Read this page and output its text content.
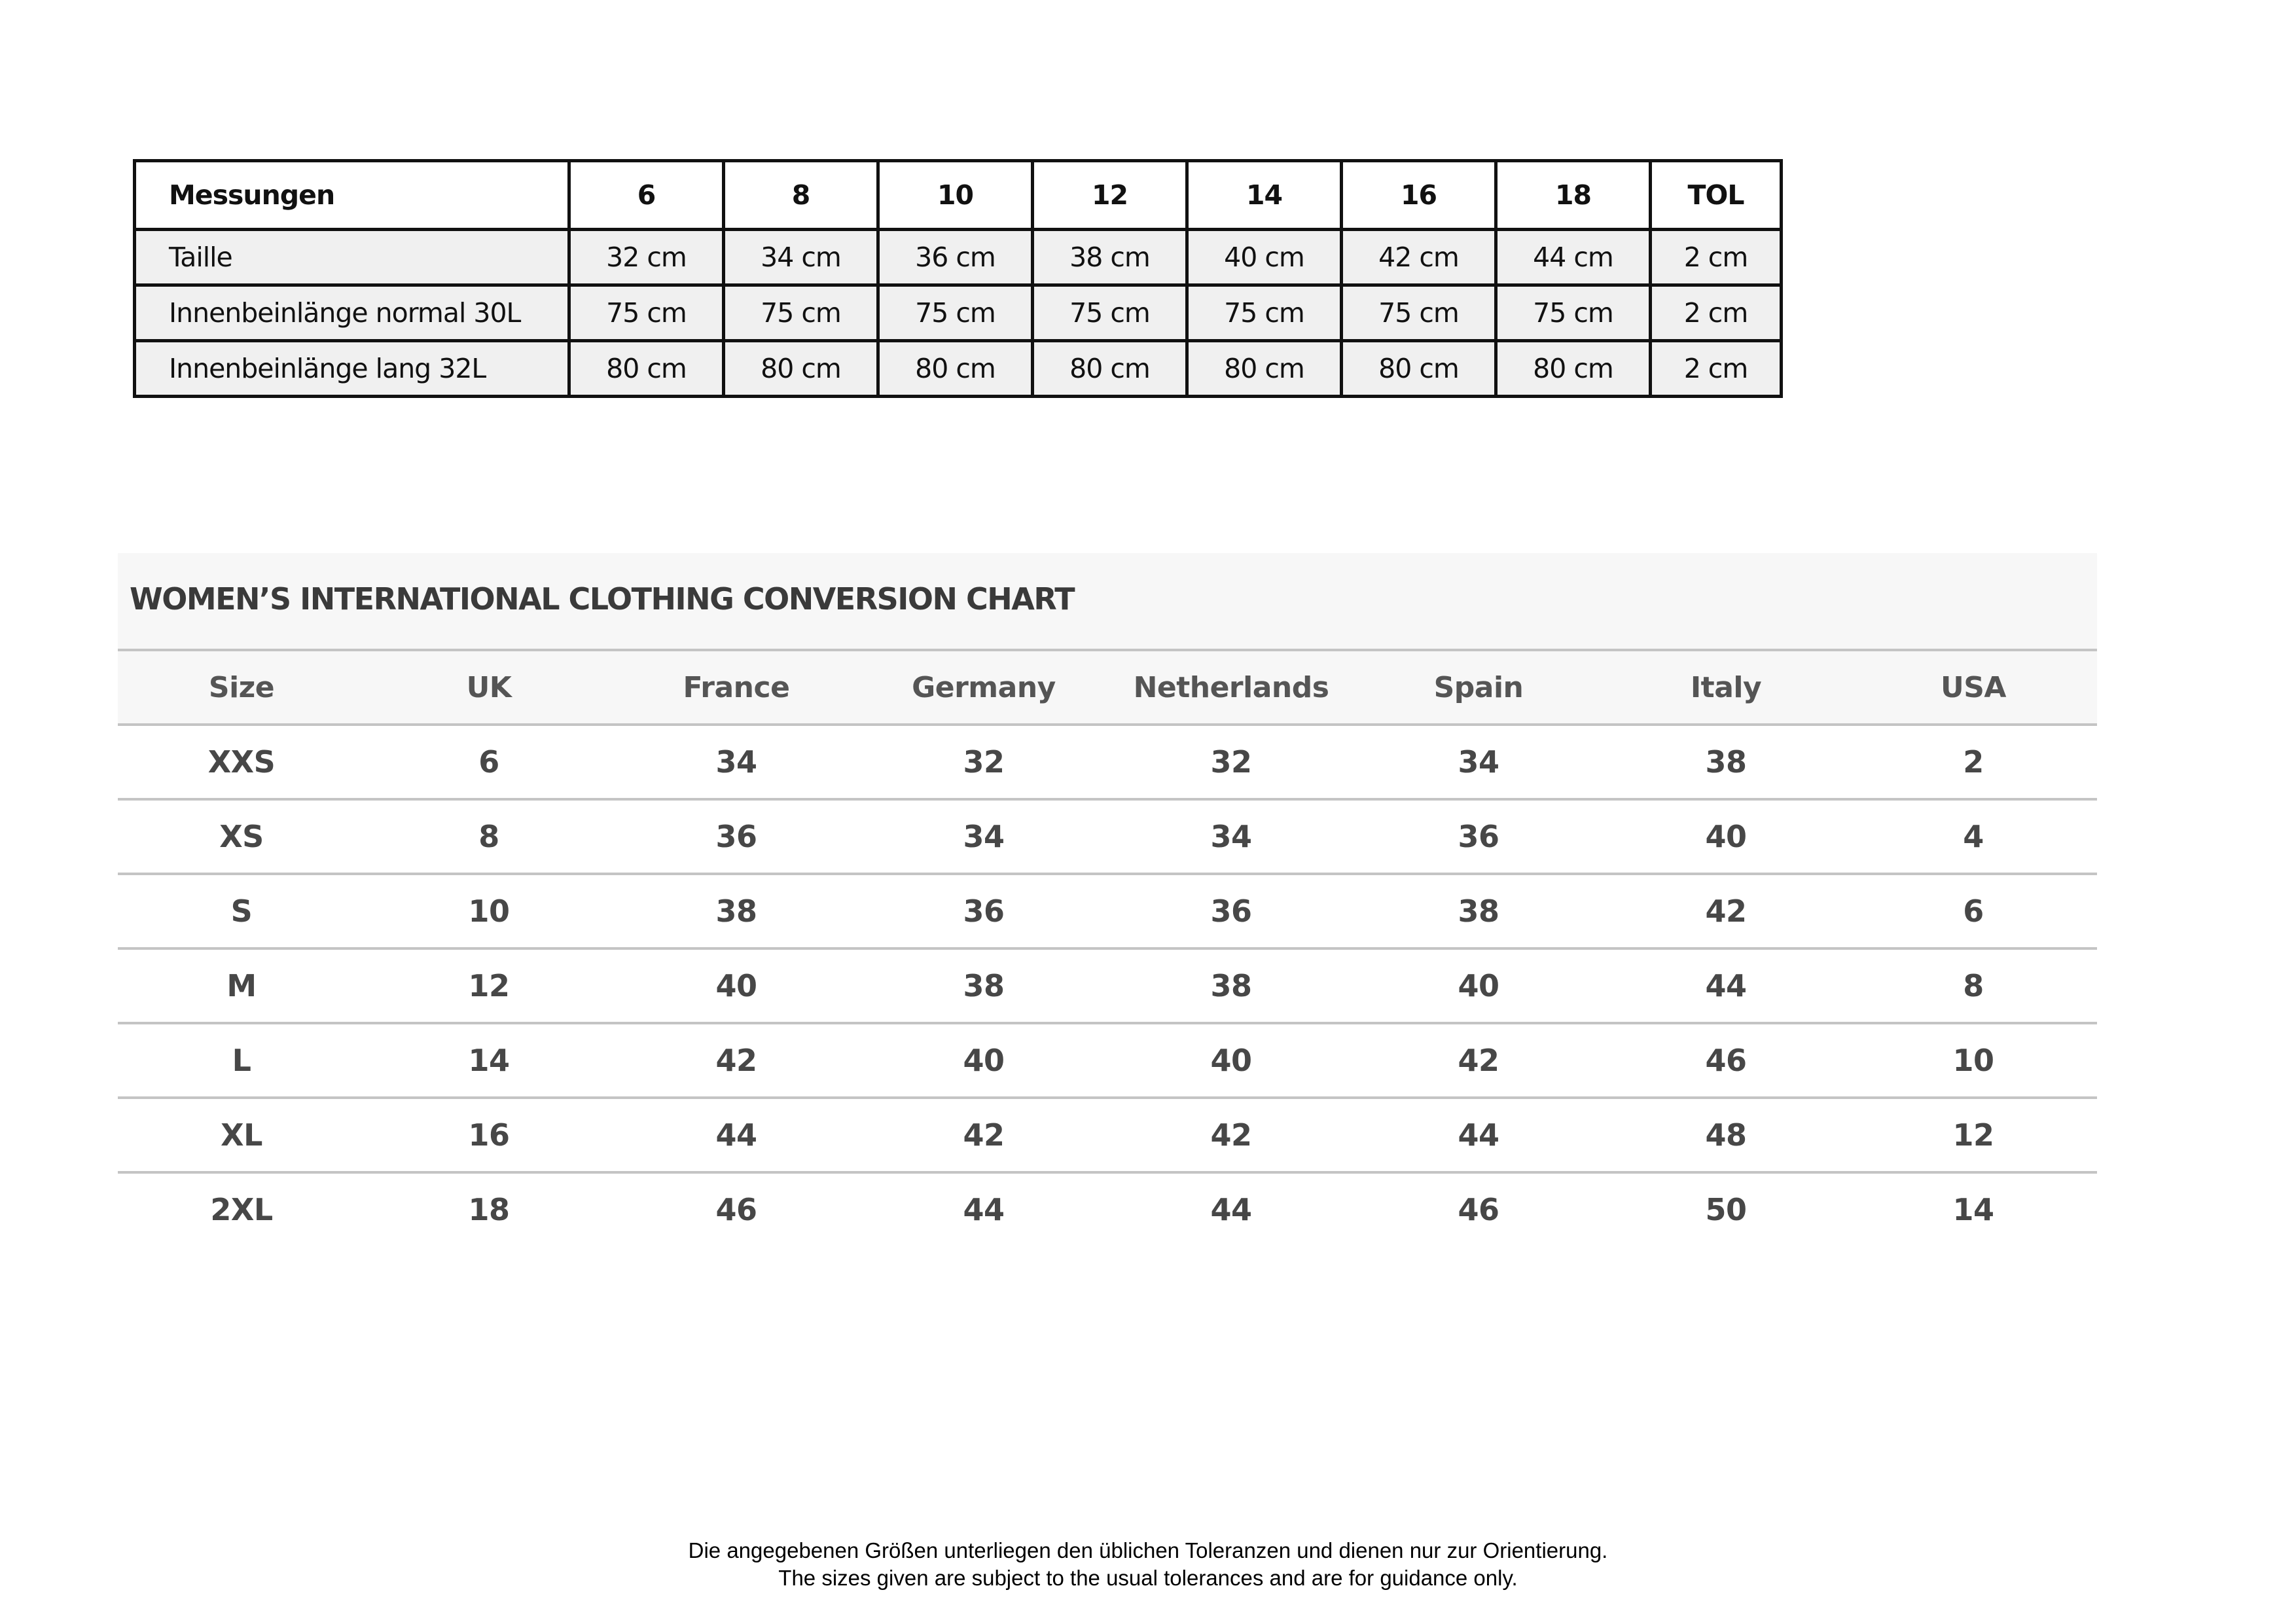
Messungen	6	8	10	12	14	16	18	TOL
Taille	32 cm	34 cm	36 cm	38 cm	40 cm	42 cm	44 cm	2 cm
Innenbeinlänge normal 30L	75 cm	75 cm	75 cm	75 cm	75 cm	75 cm	75 cm	2 cm
Innenbeinlänge lang 32L	80 cm	80 cm	80 cm	80 cm	80 cm	80 cm	80 cm	2 cm
WOMEN’S INTERNATIONAL CLOTHING CONVERSION CHART
Size	UK	France	Germany	Netherlands	Spain	Italy	USA
XXS	6	34	32	32	34	38	2
XS	8	36	34	34	36	40	4
S	10	38	36	36	38	42	6
M	12	40	38	38	40	44	8
L	14	42	40	40	42	46	10
XL	16	44	42	42	44	48	12
2XL	18	46	44	44	46	50	14
Die angegebenen Größen unterliegen den üblichen Toleranzen und dienen nur zur Orientierung.
The sizes given are subject to the usual tolerances and are for guidance only.
